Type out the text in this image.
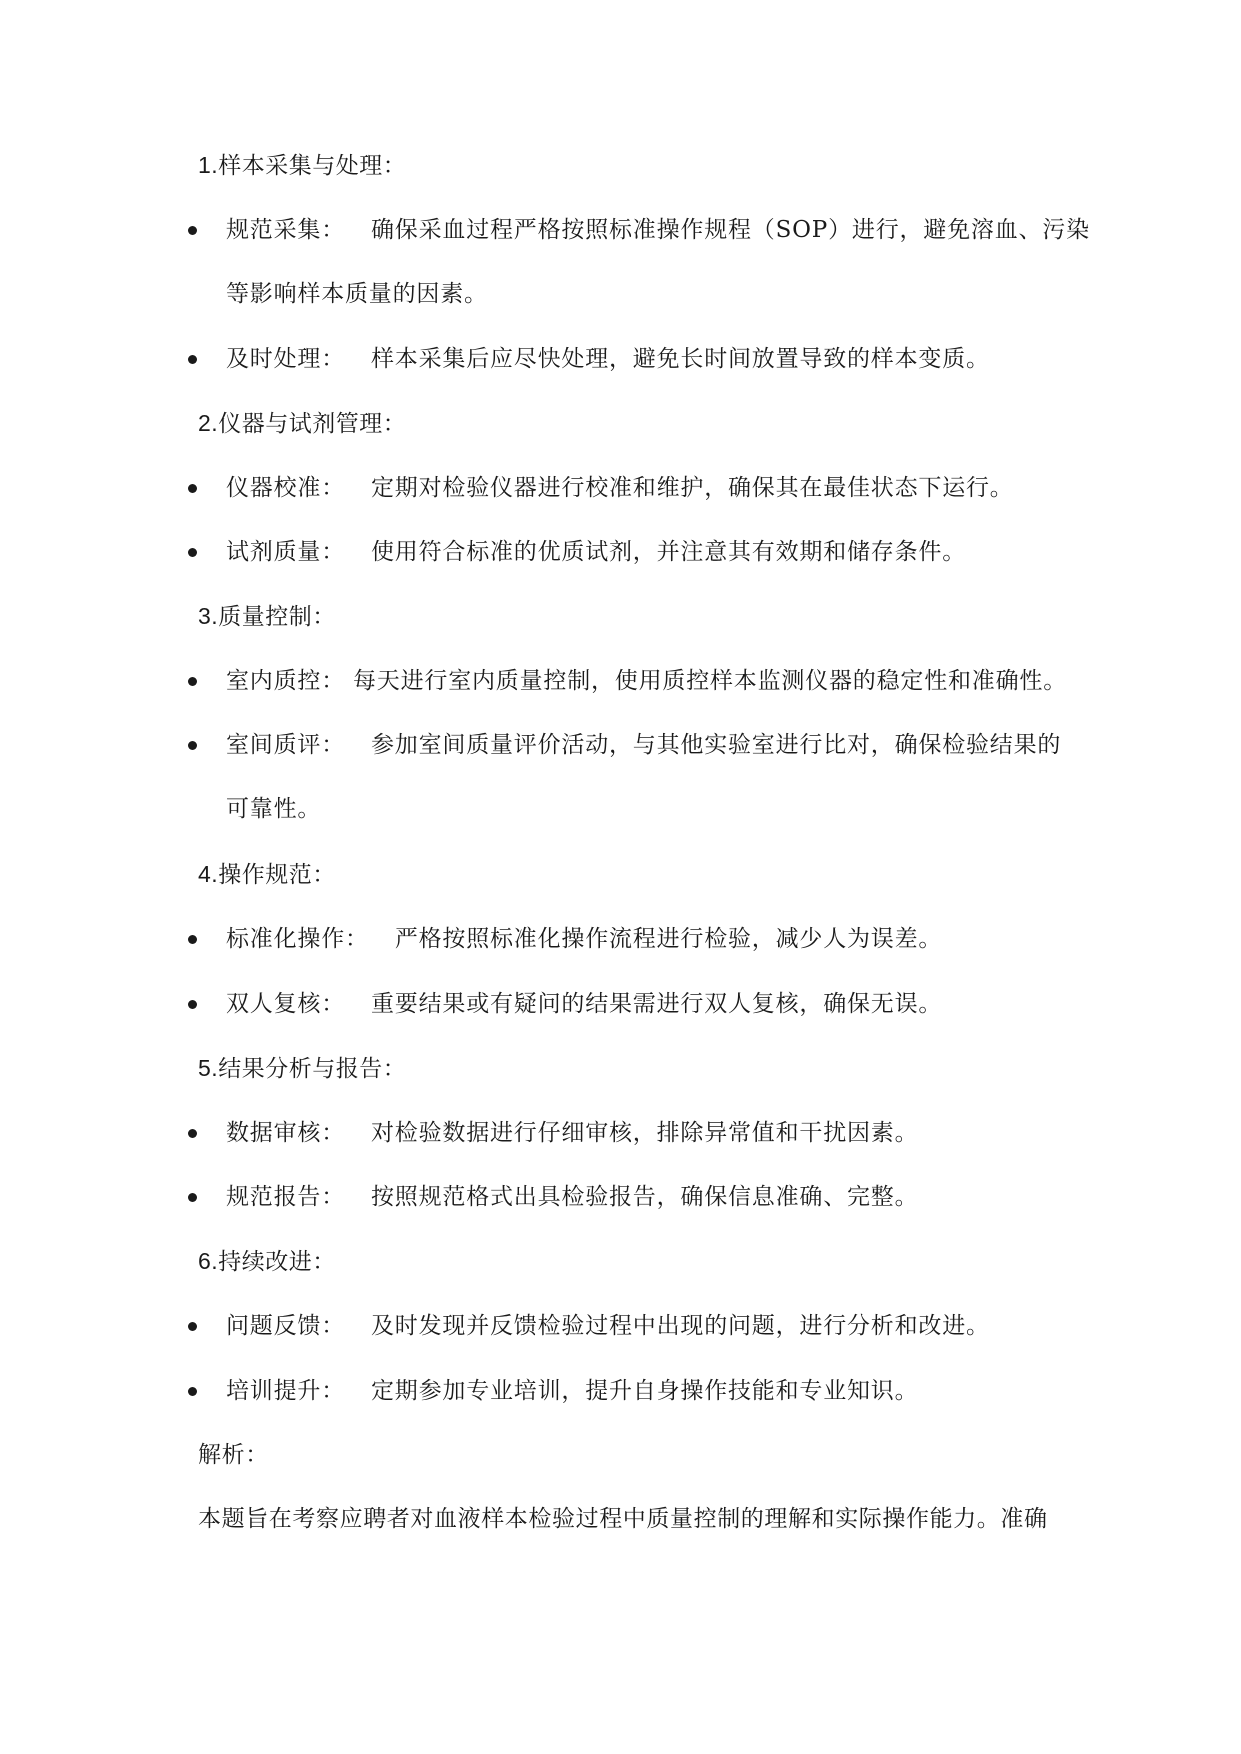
1.样本采集与处理：
规范采集： 确保采血过程严格按照标准操作规程（SOP）进行，避免溶血、污染
等影响样本质量的因素。
及时处理： 样本采集后应尽快处理，避免长时间放置导致的样本变质。
2.仪器与试剂管理：
仪器校准： 定期对检验仪器进行校准和维护，确保其在最佳状态下运行。
试剂质量： 使用符合标准的优质试剂，并注意其有效期和储存条件。
3.质量控制：
室内质控： 每天进行室内质量控制，使用质控样本监测仪器的稳定性和准确性。
室间质评： 参加室间质量评价活动，与其他实验室进行比对，确保检验结果的
可靠性。
4.操作规范：
标准化操作： 严格按照标准化操作流程进行检验，减少人为误差。
双人复核： 重要结果或有疑问的结果需进行双人复核，确保无误。
5.结果分析与报告：
数据审核： 对检验数据进行仔细审核，排除异常值和干扰因素。
规范报告： 按照规范格式出具检验报告，确保信息准确、完整。
6.持续改进：
问题反馈： 及时发现并反馈检验过程中出现的问题，进行分析和改进。
培训提升： 定期参加专业培训，提升自身操作技能和专业知识。
解析：
本题旨在考察应聘者对血液样本检验过程中质量控制的理解和实际操作能力。准确
